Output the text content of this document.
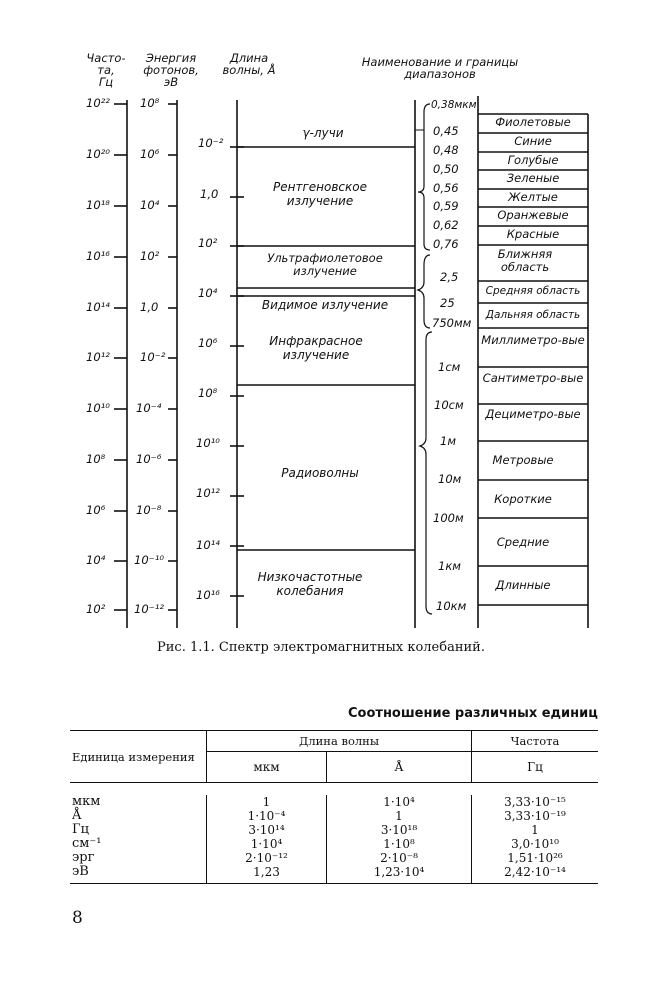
Часто-
та,
Гц
Энергия
фотонов,
эВ
Длина
волны, Å
Наименование и границы
диапазонов
10²²
10²⁰
10¹⁸
10¹⁶
10¹⁴
10¹²
10¹⁰
10⁸
10⁶
10⁴
10²
10⁸
10⁶
10⁴
10²
1,0
10⁻²
10⁻⁴
10⁻⁶
10⁻⁸
10⁻¹⁰
10⁻¹²
10⁻²
1,0
10²
10⁴
10⁶
10⁸
10¹⁰
10¹²
10¹⁴
10¹⁶
γ-лучи
Рентгеновское излучение
Ультрафиолетовое излучение
Видимое излучение
Инфракрасное излучение
Радиоволны
Низкочастотные колебания
0,38мкм
0,45
0,48
0,50
0,56
0,59
0,62
0,76
2,5
25
750мм
1см
10см
1м
10м
100м
1км
10км
Фиолетовые
Синие
Голубые
Зеленые
Желтые
Оранжевые
Красные
Ближняя область
Средняя область
Дальняя область
Миллиметро-вые
Сантиметро-вые
Дециметро-вые
Метровые
Короткие
Средние
Длинные
Рис. 1.1. Спектр электромагнитных колебаний.
Соотношение различных единиц
Единица измерения	Длина волны		Частота
	мкм	Å	Гц

мкм	1	1·10⁴	3,33·10⁻¹⁵
Å	1·10⁻⁴	1	3,33·10⁻¹⁹
Гц	3·10¹⁴	3·10¹⁸	1
см⁻¹	1·10⁴	1·10⁸	3,0·10¹⁰
эрг	2·10⁻¹²	2·10⁻⁸	1,51·10²⁶
эВ	1,23	1,23·10⁴	2,42·10⁻¹⁴
8
